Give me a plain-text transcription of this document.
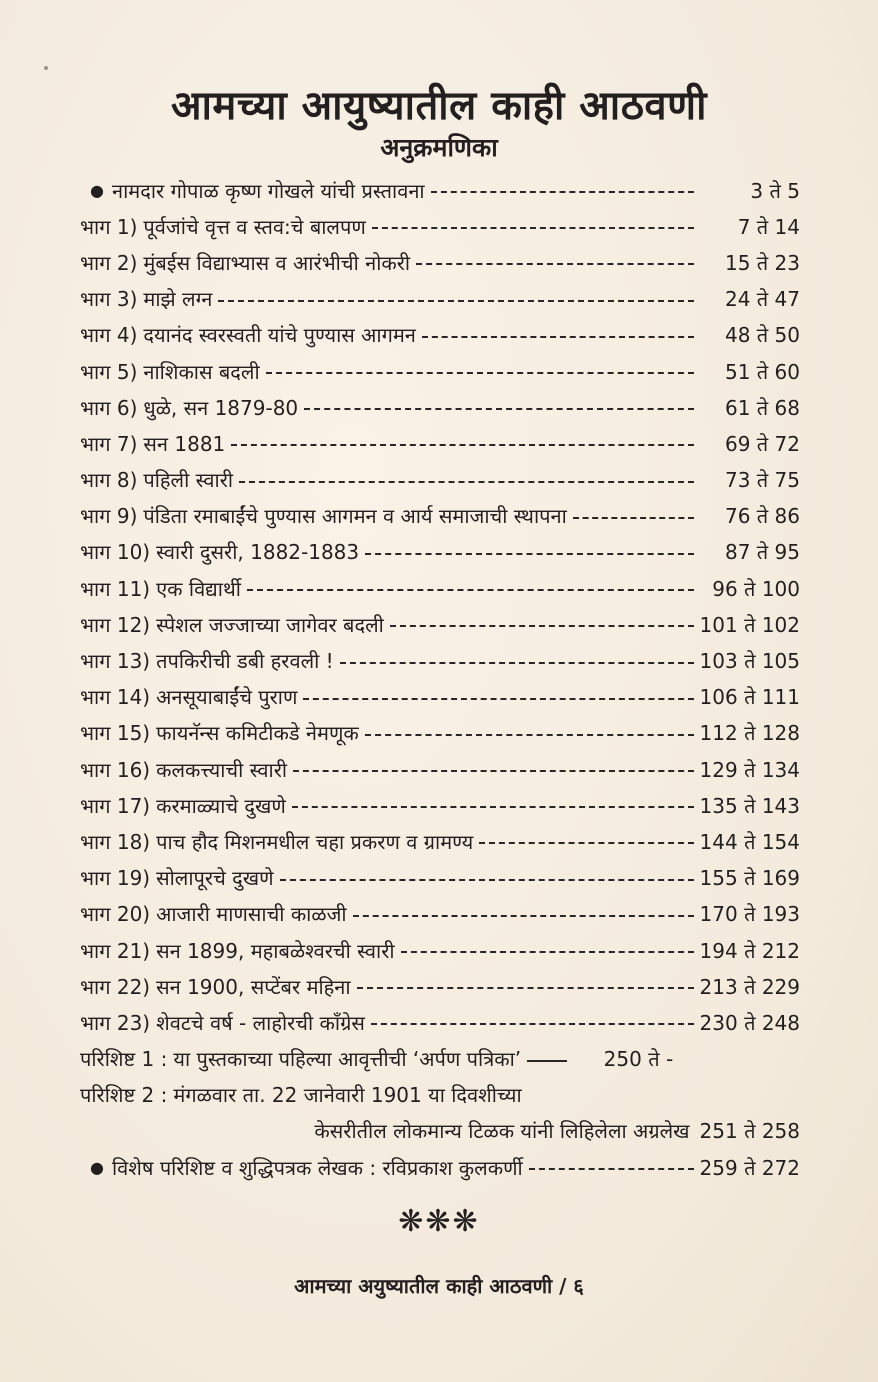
आमच्या आयुष्यातील काही आठवणी
अनुक्रमणिका
● नामदार गोपाळ कृष्ण गोखले यांची प्रस्तावना	3 ते 5
भाग 1) पूर्वजांचे वृत्त व स्तव:चे बालपण	7 ते 14
भाग 2) मुंबईस विद्याभ्यास व आरंभीची नोकरी	15 ते 23
भाग 3) माझे लग्न	24 ते 47
भाग 4) दयानंद स्वरस्वती यांचे पुण्यास आगमन	48 ते 50
भाग 5) नाशिकास बदली	51 ते 60
भाग 6) धुळे, सन 1879-80	61 ते 68
भाग 7) सन 1881	69 ते 72
भाग 8) पहिली स्वारी	73 ते 75
भाग 9) पंडिता रमाबाईंचे पुण्यास आगमन व आर्य समाजाची स्थापना	76 ते 86
भाग 10) स्वारी दुसरी, 1882-1883	87 ते 95
भाग 11) एक विद्यार्थी	96 ते 100
भाग 12) स्पेशल जज्जाच्या जागेवर बदली	101 ते 102
भाग 13) तपकिरीची डबी हरवली !	103 ते 105
भाग 14) अनसूयाबाईंचे पुराण	106 ते 111
भाग 15) फायनॅन्स कमिटीकडे नेमणूक	112 ते 128
भाग 16) कलकत्त्याची स्वारी	129 ते 134
भाग 17) करमाळ्याचे दुखणे	135 ते 143
भाग 18) पाच हौद मिशनमधील चहा प्रकरण व ग्रामण्य	144 ते 154
भाग 19) सोलापूरचे दुखणे	155 ते 169
भाग 20) आजारी माणसाची काळजी	170 ते 193
भाग 21) सन 1899, महाबळेश्वरची स्वारी	194 ते 212
भाग 22) सन 1900, सप्टेंबर महिना	213 ते 229
भाग 23) शेवटचे वर्ष - लाहोरची काँग्रेस	230 ते 248
परिशिष्ट 1 : या पुस्तकाच्या पहिल्या आवृत्तीची ‘अर्पण पत्रिका’	250 ते -
परिशिष्ट 2 : मंगळवार ता. 22 जानेवारी 1901 या दिवशीच्या
केसरीतील लोकमान्य टिळक यांनी लिहिलेला अग्रलेख 251 ते 258
● विशेष परिशिष्ट व शुद्धिपत्रक लेखक : रविप्रकाश कुलकर्णी	259 ते 272
❋❋❋
आमच्या अयुष्यातील काही आठवणी / ६
